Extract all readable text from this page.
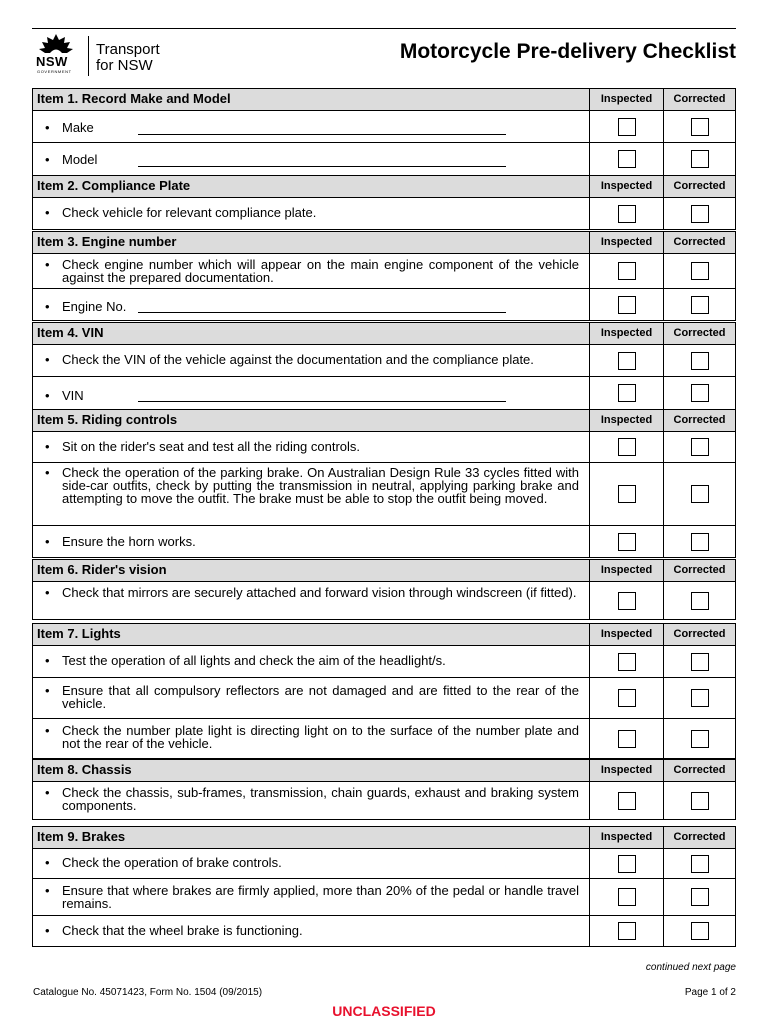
NSW
GOVERNMENT
Transport
for NSW
Motorcycle Pre-delivery Checklist
Item 1. Record Make and Model	Inspected	Corrected
• Make
• Model
Item 2. Compliance Plate	Inspected	Corrected
• Check vehicle for relevant compliance plate.
Item 3. Engine number	Inspected	Corrected
• Check engine number which will appear on the main engine component of the vehicle against the prepared documentation.
• Engine No.
Item 4. VIN	Inspected	Corrected
• Check the VIN of the vehicle against the documentation and the compliance plate.
• VIN
Item 5. Riding controls	Inspected	Corrected
• Sit on the rider's seat and test all the riding controls.
• Check the operation of the parking brake. On Australian Design Rule 33 cycles fitted with side-car outfits, check by putting the transmission in neutral, applying parking brake and attempting to move the outfit. The brake must be able to stop the outfit being moved.
• Ensure the horn works.
Item 6. Rider's vision	Inspected	Corrected
• Check that mirrors are securely attached and forward vision through windscreen (if fitted).
Item 7. Lights	Inspected	Corrected
• Test the operation of all lights and check the aim of the headlight/s.
• Ensure that all compulsory reflectors are not damaged and are fitted to the rear of the vehicle.
• Check the number plate light is directing light on to the surface of the number plate and not the rear of the vehicle.
Item 8. Chassis	Inspected	Corrected
• Check the chassis, sub-frames, transmission, chain guards, exhaust and braking system components.
Item 9. Brakes	Inspected	Corrected
• Check the operation of brake controls.
• Ensure that where brakes are firmly applied, more than 20% of the pedal or handle travel remains.
• Check that the wheel brake is functioning.
continued next page
Catalogue No. 45071423, Form No. 1504 (09/2015)	Page 1 of 2
UNCLASSIFIED
